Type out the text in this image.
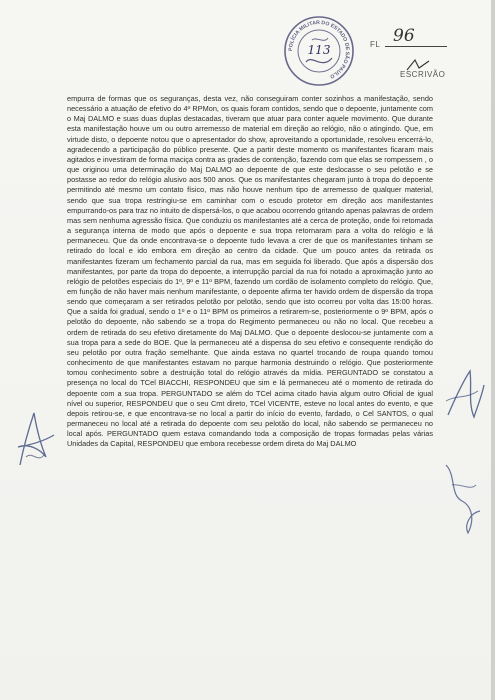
POLÍCIA MILITAR DO ESTADO DE SÃO PAULO
113	FL 96
ESCRIVÃO
empurra de formas que os seguranças, desta vez, não conseguiram conter sozinhos a manifestação, sendo necessário a atuação de efetivo do 4º RPMon, os quais foram contidos, sendo que o depoente, juntamente com o Maj DALMO e suas duas duplas destacadas, tiveram que atuar para conter aquele movimento. Que durante esta manifestação houve um ou outro arremesso de material em direção ao relógio, não o atingindo. Que, em virtude disto, o depoente notou que o apresentador do show, aproveitando a oportunidade, resolveu encerrá-lo, agradecendo a participação do público presente. Que a partir deste momento os manifestantes ficaram mais agitados e investiram de forma maciça contra as grades de contenção, fazendo com que elas se rompessem , o que originou uma determinação do Maj DALMO ao depoente de que este deslocasse o seu pelotão e se postasse ao redor do relógio alusivo aos 500 anos. Que os manifestantes chegaram junto à tropa do depoente permitindo até mesmo um contato físico, mas não houve nenhum tipo de arremesso de qualquer material, sendo que sua tropa restringiu-se em caminhar com o escudo protetor em direção aos manifestantes empurrando-os para traz no intuito de dispersá-los, o que acabou ocorrendo gritando apenas palavras de ordem mas sem nenhuma agressão física. Que conduziu os manifestantes até a cerca de proteção, onde foi retomada a segurança interna de modo que após o depoente e sua tropa retornaram para a volta do relógio e lá permaneceu. Que da onde encontrava-se o depoente tudo levava a crer de que os manifestantes tinham se retirado do local e ido embora em direção ao centro da cidade. Que um pouco antes da retirada os manifestantes fizeram um fechamento parcial da rua, mas em seguida foi liberado. Que após a dispersão dos manifestantes, por parte da tropa do depoente, a interrupção parcial da rua foi notado a aproximação junto ao relógio de pelotões especiais do 1º, 9º e 11º BPM, fazendo um cordão de isolamento completo do relógio. Que, em função de não haver mais nenhum manifestante, o depoente afirma ter havido ordem de dispersão da tropa sendo que começaram a ser retirados pelotão por pelotão, sendo que isto ocorreu por volta das 15:00 horas. Que a saída foi gradual, sendo o 1º e o 11º BPM os primeiros a retirarem-se, posteriormente o 9º BPM, após o pelotão do depoente, não sabendo se a tropa do Regimento permaneceu ou não no local. Que recebeu a ordem de retirada do seu efetivo diretamente do Maj DALMO. Que o depoente deslocou-se juntamente com a sua tropa para a sede do BOE. Que la permaneceu até a dispensa do seu efetivo e consequente rendição do seu pelotão por outra fração semelhante. Que ainda estava no quartel trocando de roupa quando tomou conhecimento de que manifestantes estavam no parque harmonia destruindo o relógio. Que posteriormente tomou conhecimento sobre a destruição total do relógio através da mídia. PERGUNTADO se constatou a presença no local do TCel BIACCHI, RESPONDEU que sim e lá permaneceu até o momento de retirada do depoente com a sua tropa. PERGUNTADO se além do TCel acima citado havia algum outro Oficial de igual nível ou superior, RESPONDEU que o seu Cmt direto, TCel VICENTE, esteve no local antes do evento, e que depois retirou-se, e que encontrava-se no local a partir do início do evento, fardado, o Cel SANTOS, o qual permaneceu no local até a retirada do depoente com seu pelotão do local, não sabendo se permaneceu no local após. PERGUNTADO quem estava comandando toda a composição de tropas formadas pelas várias Unidades da Capital, RESPONDEU que embora recebesse ordem direta do Maj DALMO
